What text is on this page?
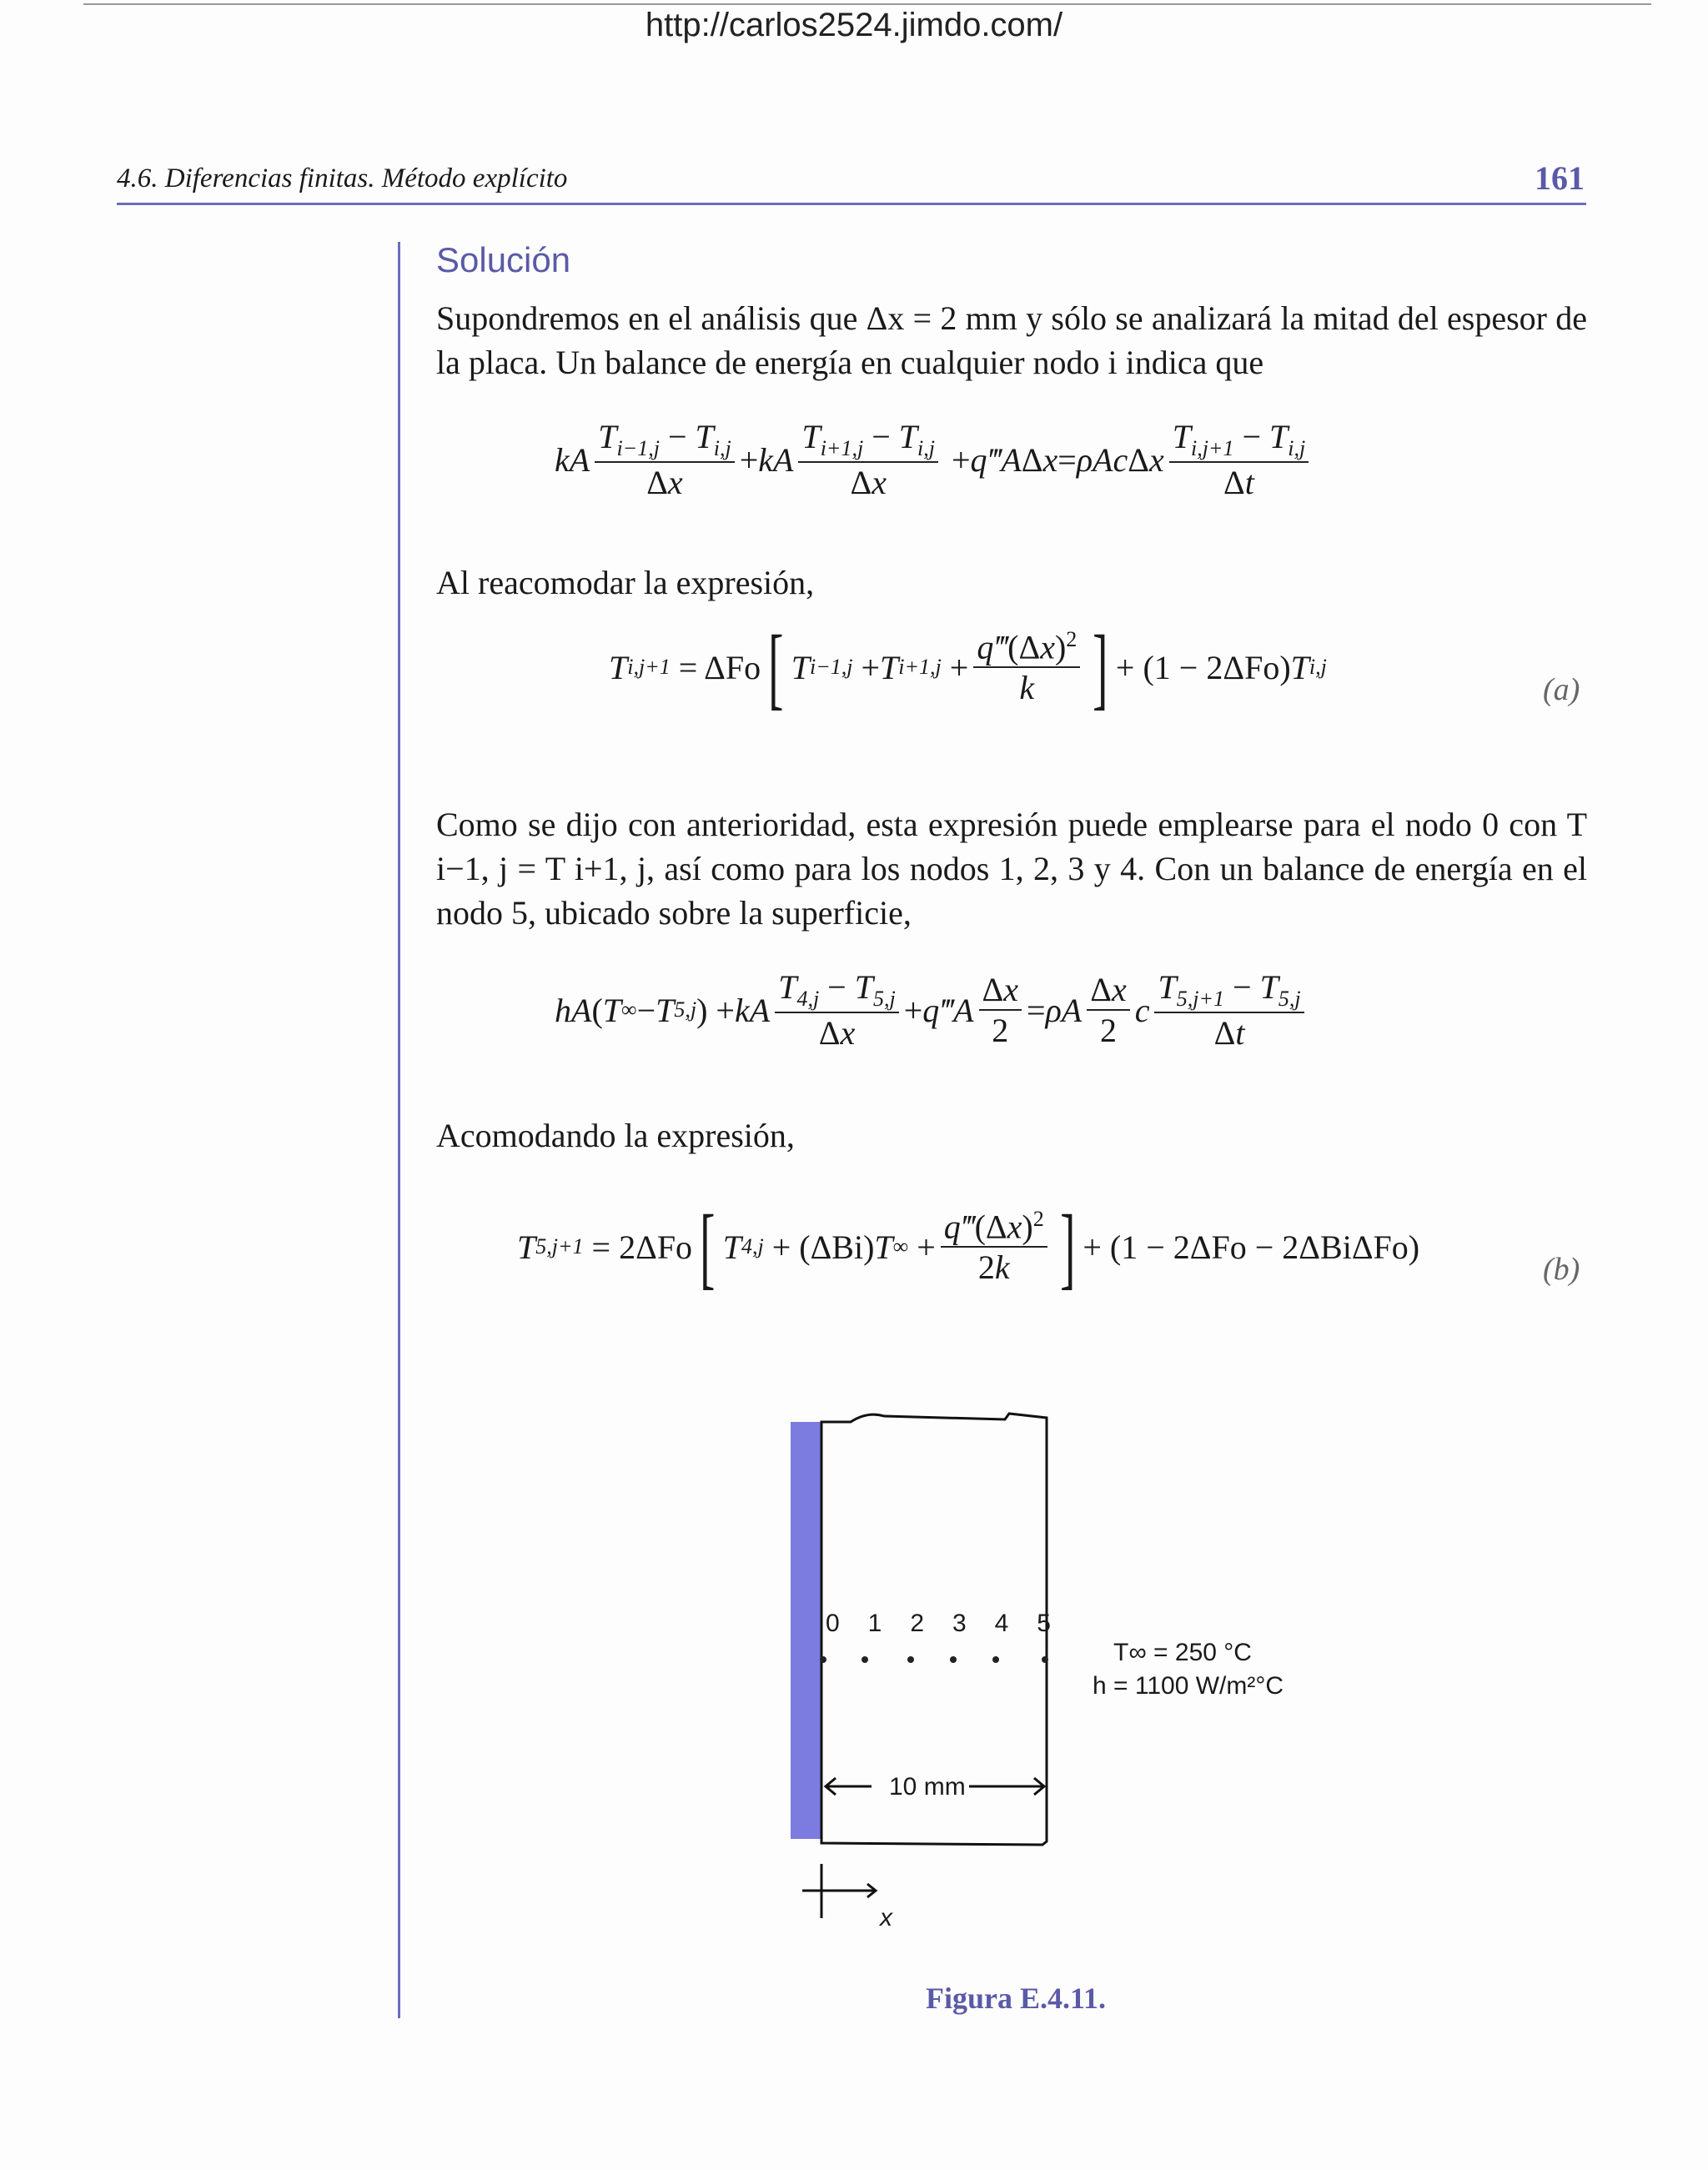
http://carlos2524.jimdo.com/
4.6. Diferencias finitas. Método explícito	161
Solución
Supondremos en el análisis que Δx = 2 mm y sólo se analizará la mitad del espesor de la placa. Un balance de energía en cualquier nodo i indica que
kA $\frac{T_{i-1,j} - T_{i,j}}{\Delta x}$ + kA $\frac{T_{i+1,j} - T_{i,j}}{\Delta x}$ + q‴A Δ x = ρAc Δ x $\frac{T_{i,j+1} - T_{i,j}}{\Delta t}$
Al reacomodar la expresión,
T i,j+1 = ΔFo [ T i−1,j + T $i+1,j + \frac{q‴(\Delta x)^2}{k}$ ] + (1 − 2ΔFo) T i,j
(a)
Como se dijo con anterioridad, esta expresión puede emplearse para el nodo 0 con T i−1, j = T i+1, j, así como para los nodos 1, 2, 3 y 4. Con un balance de energía en el nodo 5, ubicado sobre la superficie,
hA ( T ∞ − T 5,j ) + kA $\frac{T_{4,j} - T_{5,j}}{\Delta x}$ + q‴A $\frac{\Delta x}{2} = \rho A \frac{\Delta x}{2}$ c $\frac{T_{5,j+1} - T_{5,j}}{\Delta t}$
Acomodando la expresión,
T 5,j+1 = 2ΔFo [ T 4,j + (ΔBi) T ∞ + $\frac{q‴(\Delta x)^2}{2k}$ ] + (1 − 2ΔFo − 2ΔBiΔFo)
(b)
0 1 2 3 4 5
10 mm
T∞ = 250 °C
h = 1100 W/m²°C
x
Figura E.4.11.
